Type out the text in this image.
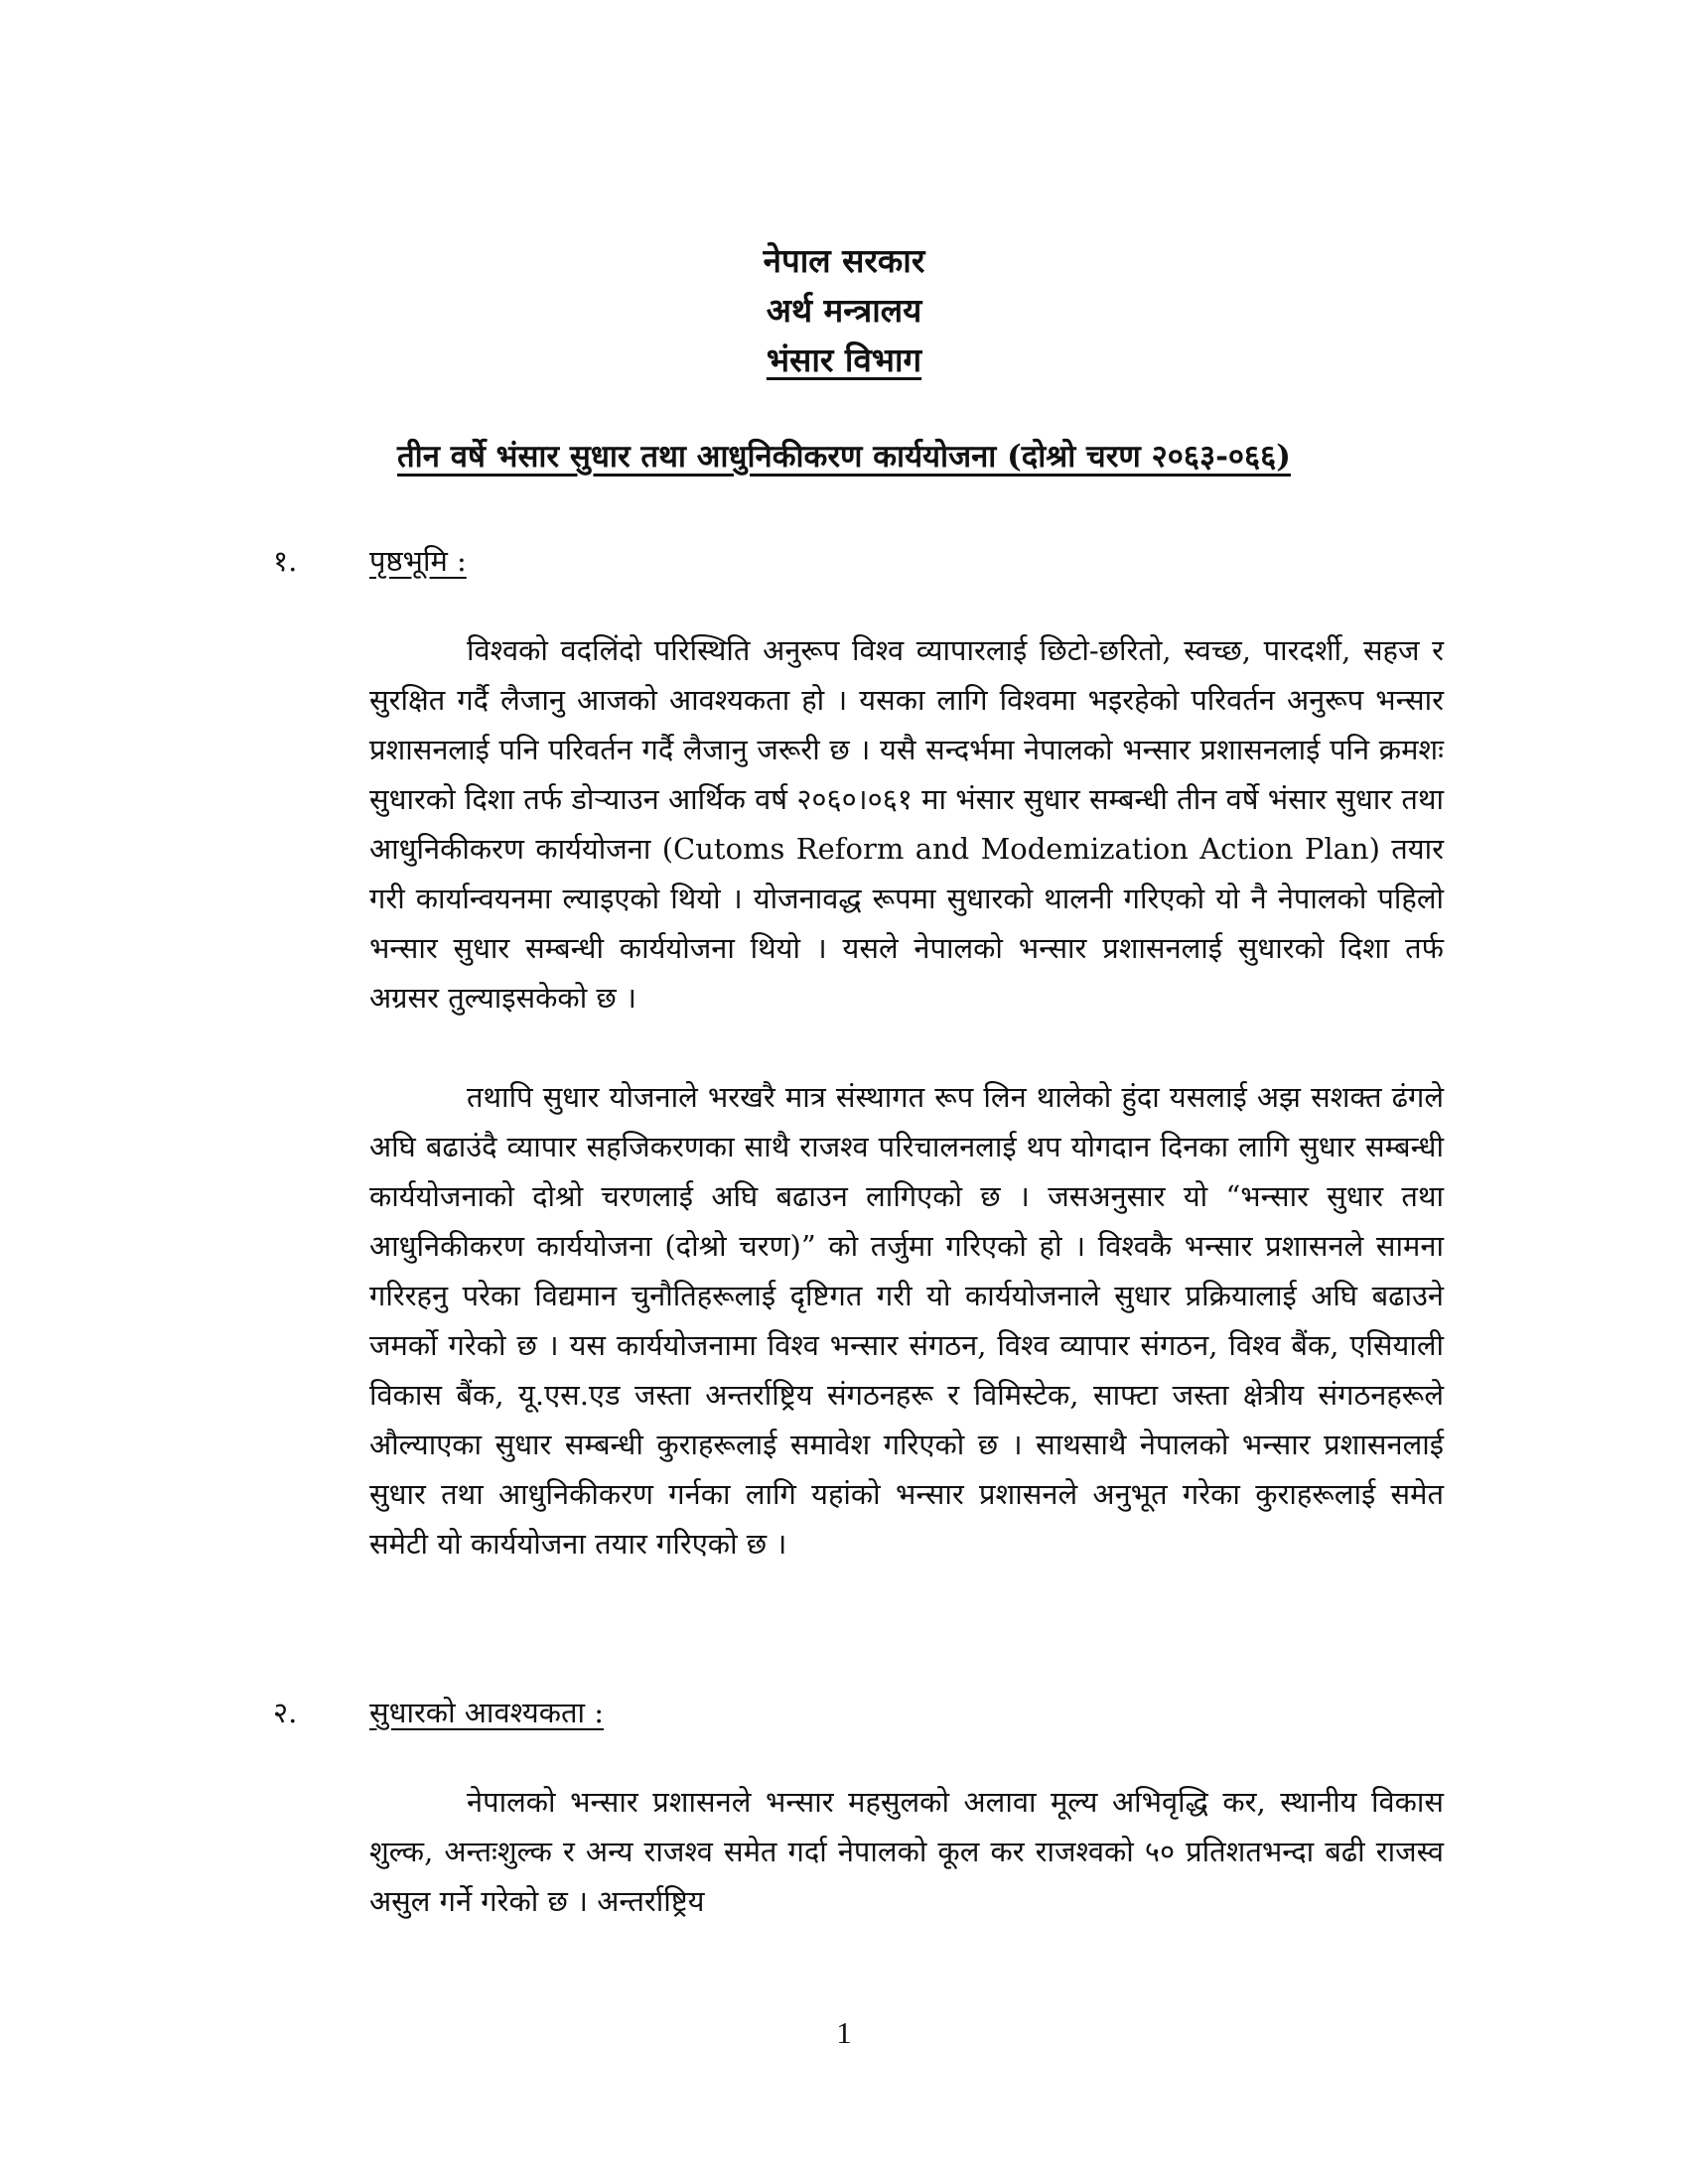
नेपाल सरकार
अर्थ मन्त्रालय
भंसार विभाग
तीन वर्षे भंसार सुधार तथा आधुनिकीकरण कार्ययोजना (दोश्रो चरण २०६३-०६६)
१.	पृष्ठभूमि :

विश्वको वदलिंदो परिस्थिति अनुरूप विश्व व्यापारलाई छिटो-छरितो, स्वच्छ, पारदर्शी, सहज र सुरक्षित गर्दै लैजानु आजको आवश्यकता हो । यसका लागि विश्वमा भइरहेको परिवर्तन अनुरूप भन्सार प्रशासनलाई पनि परिवर्तन गर्दै लैजानु जरूरी छ । यसै सन्दर्भमा नेपालको भन्सार प्रशासनलाई पनि क्रमशः सुधारको दिशा तर्फ डोर्‍याउन आर्थिक वर्ष २०६०।०६१ मा भंसार सुधार सम्बन्धी तीन वर्षे भंसार सुधार तथा आधुनिकीकरण कार्ययोजना (Cutoms Reform and Modemization Action Plan) तयार गरी कार्यान्वयनमा ल्याइएको थियो । योजनावद्ध रूपमा सुधारको थालनी गरिएको यो नै नेपालको पहिलो भन्सार सुधार सम्बन्धी कार्ययोजना थियो । यसले नेपालको भन्सार प्रशासनलाई सुधारको दिशा तर्फ अग्रसर तुल्याइसकेको छ ।

तथापि सुधार योजनाले भरखरै मात्र संस्थागत रूप लिन थालेको हुंदा यसलाई अझ सशक्त ढंगले अघि बढाउंदै व्यापार सहजिकरणका साथै राजश्व परिचालनलाई थप योगदान दिनका लागि सुधार सम्बन्धी कार्ययोजनाको दोश्रो चरणलाई अघि बढाउन लागिएको छ । जसअनुसार यो “भन्सार सुधार तथा आधुनिकीकरण कार्ययोजना (दोश्रो चरण)” को तर्जुमा गरिएको हो । विश्वकै भन्सार प्रशासनले सामना गरिरहनु परेका विद्यमान चुनौतिहरूलाई दृष्टिगत गरी यो कार्ययोजनाले सुधार प्रक्रियालाई अघि बढाउने जमर्को गरेको छ । यस कार्ययोजनामा विश्व भन्सार संगठन, विश्व व्यापार संगठन, विश्व बैंक, एसियाली विकास बैंक, यू.एस.एड जस्ता अन्तर्राष्ट्रिय संगठनहरू र विमिस्टेक, साफ्टा जस्ता क्षेत्रीय संगठनहरूले औल्याएका सुधार सम्बन्धी कुराहरूलाई समावेश गरिएको छ । साथसाथै नेपालको भन्सार प्रशासनलाई सुधार तथा आधुनिकीकरण गर्नका लागि यहांको भन्सार प्रशासनले अनुभूत गरेका कुराहरूलाई समेत समेटी यो कार्ययोजना तयार गरिएको छ ।

२.	सुधारको आवश्यकता :

नेपालको भन्सार प्रशासनले भन्सार महसुलको अलावा मूल्य अभिवृद्धि कर, स्थानीय विकास शुल्क, अन्तःशुल्क र अन्य राजश्व समेत गर्दा नेपालको कूल कर राजश्वको ५० प्रतिशतभन्दा बढी राजस्व असुल गर्ने गरेको छ । अन्तर्राष्ट्रिय

1
